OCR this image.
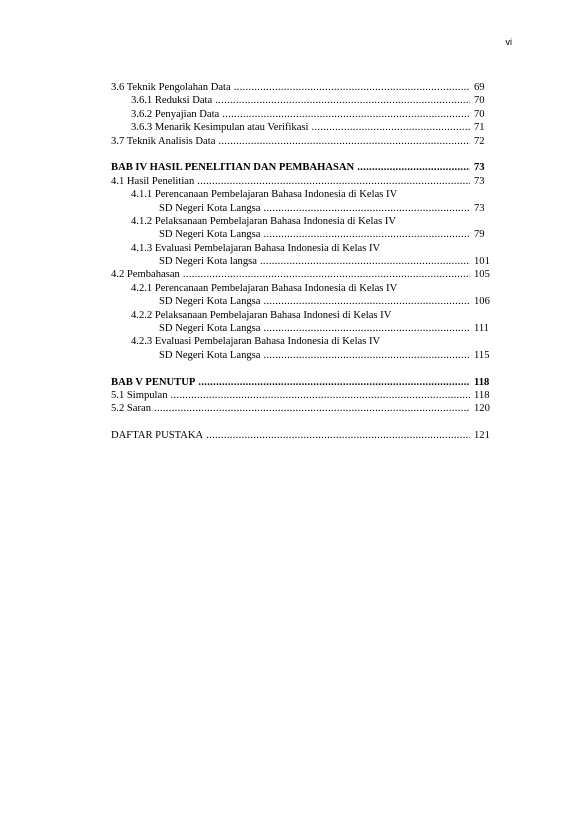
vi
3.6 Teknik Pengolahan Data .....	69
3.6.1 Reduksi Data .....	70
3.6.2 Penyajian Data .....	70
3.6.3 Menarik Kesimpulan atau Verifikasi .....	71
3.7 Teknik Analisis Data .....	72
BAB IV HASIL PENELITIAN DAN PEMBAHASAN .....	73
4.1 Hasil Penelitian .....	73
4.1.1 Perencanaan Pembelajaran Bahasa Indonesia di Kelas IV
SD Negeri Kota Langsa .....	73
4.1.2 Pelaksanaan Pembelajaran Bahasa Indonesia di Kelas IV
SD Negeri Kota Langsa .....	79
4.1.3 Evaluasi Pembelajaran Bahasa Indonesia di Kelas IV
SD Negeri Kota langsa .....	101
4.2 Pembahasan .....	105
4.2.1 Perencanaan Pembelajaran Bahasa Indonesia di Kelas IV
SD Negeri Kota Langsa .....	106
4.2.2 Pelaksanaan Pembelajaran Bahasa Indonesi di Kelas IV
SD Negeri Kota Langsa .....	111
4.2.3 Evaluasi Pembelajaran Bahasa Indonesia di Kelas IV
SD Negeri Kota Langsa .....	115
BAB V PENUTUP .....	118
5.1 Simpulan .....	118
5.2 Saran .....	120
DAFTAR PUSTAKA .....	121
